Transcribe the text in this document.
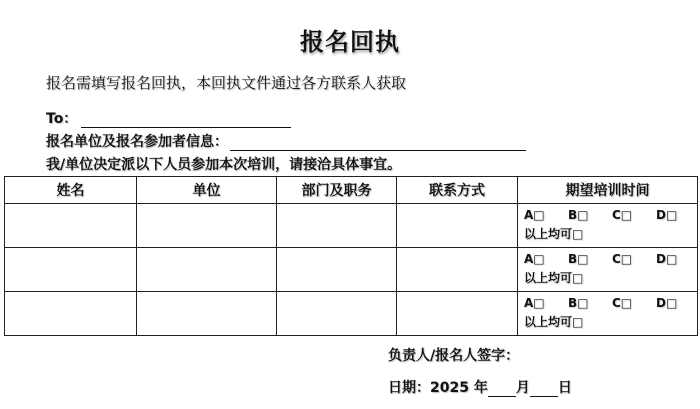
报名回执
报名需填写报名回执，本回执文件通过各方联系人获取
To：
报名单位及报名参加者信息：
我/单位决定派以下人员参加本次培训，请接洽具体事宜。
姓名	单位	部门及职务	联系方式	期望培训时间

				A□ B□ C□ D□
以上均可□

				A□ B□ C□ D□
以上均可□

				A□ B□ C□ D□
以上均可□
负责人/报名人签字：
日期：2025 年 月 日
